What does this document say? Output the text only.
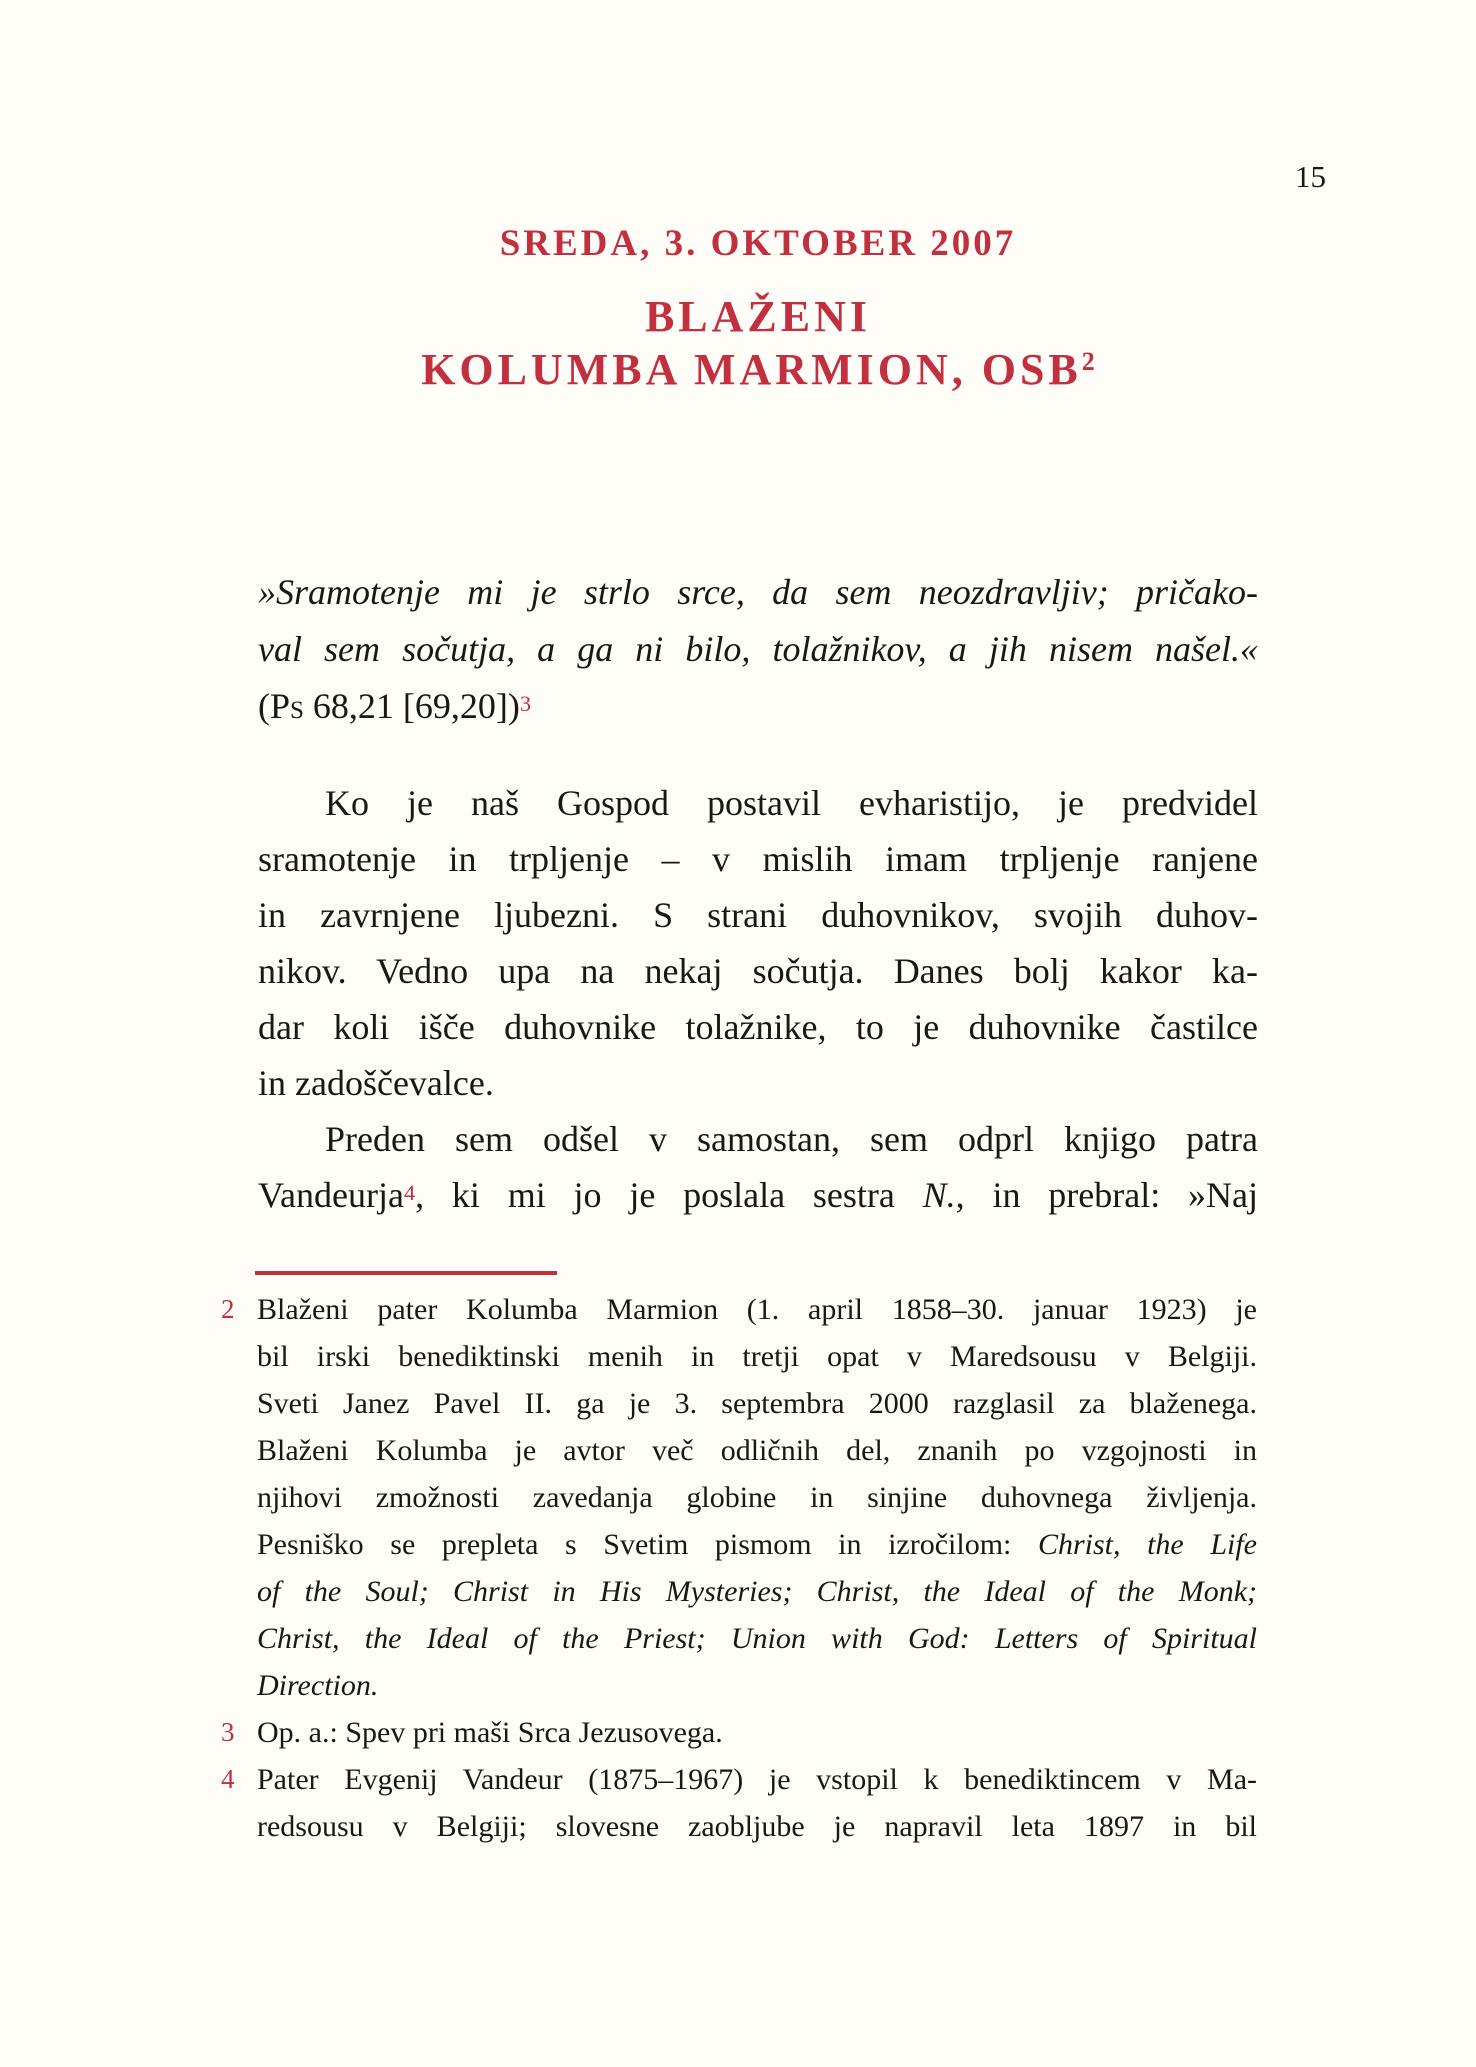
15
SREDA, 3. OKTOBER 2007
BLAŽENI
KOLUMBA MARMION, OSB$^2$
»Sramotenje mi je strlo srce, da sem neozdravljiv; pričako-
val sem sočutja, a ga ni bilo, tolažnikov, a jih nisem našel.«
(Ps 68,21 [69,20])$^3$
Ko je naš Gospod postavil evharistijo, je predvidel
sramotenje in trpljenje – v mislih imam trpljenje ranjene
in zavrnjene ljubezni. S strani duhovnikov, svojih duhov-
nikov. Vedno upa na nekaj sočutja. Danes bolj kakor ka-
dar koli išče duhovnike tolažnike, to je duhovnike častilce
in zadoščevalce.
Preden sem odšel v samostan, sem odprl knjigo patra
Vandeurja$^4$, ki mi jo je poslala sestra N., in prebral: »Naj
2 Blaženi pater Kolumba Marmion (1. april 1858–30. januar 1923) je
bil irski benediktinski menih in tretji opat v Maredsousu v Belgiji.
Sveti Janez Pavel II. ga je 3. septembra 2000 razglasil za blaženega.
Blaženi Kolumba je avtor več odličnih del, znanih po vzgojnosti in
njihovi zmožnosti zavedanja globine in sinjine duhovnega življenja.
Pesniško se prepleta s Svetim pismom in izročilom: Christ, the Life
of the Soul; Christ in His Mysteries; Christ, the Ideal of the Monk;
Christ, the Ideal of the Priest; Union with God: Letters of Spiritual
Direction.
3 Op. a.: Spev pri maši Srca Jezusovega.
4 Pater Evgenij Vandeur (1875–1967) je vstopil k benediktincem v Ma-
redsousu v Belgiji; slovesne zaobljube je napravil leta 1897 in bil
